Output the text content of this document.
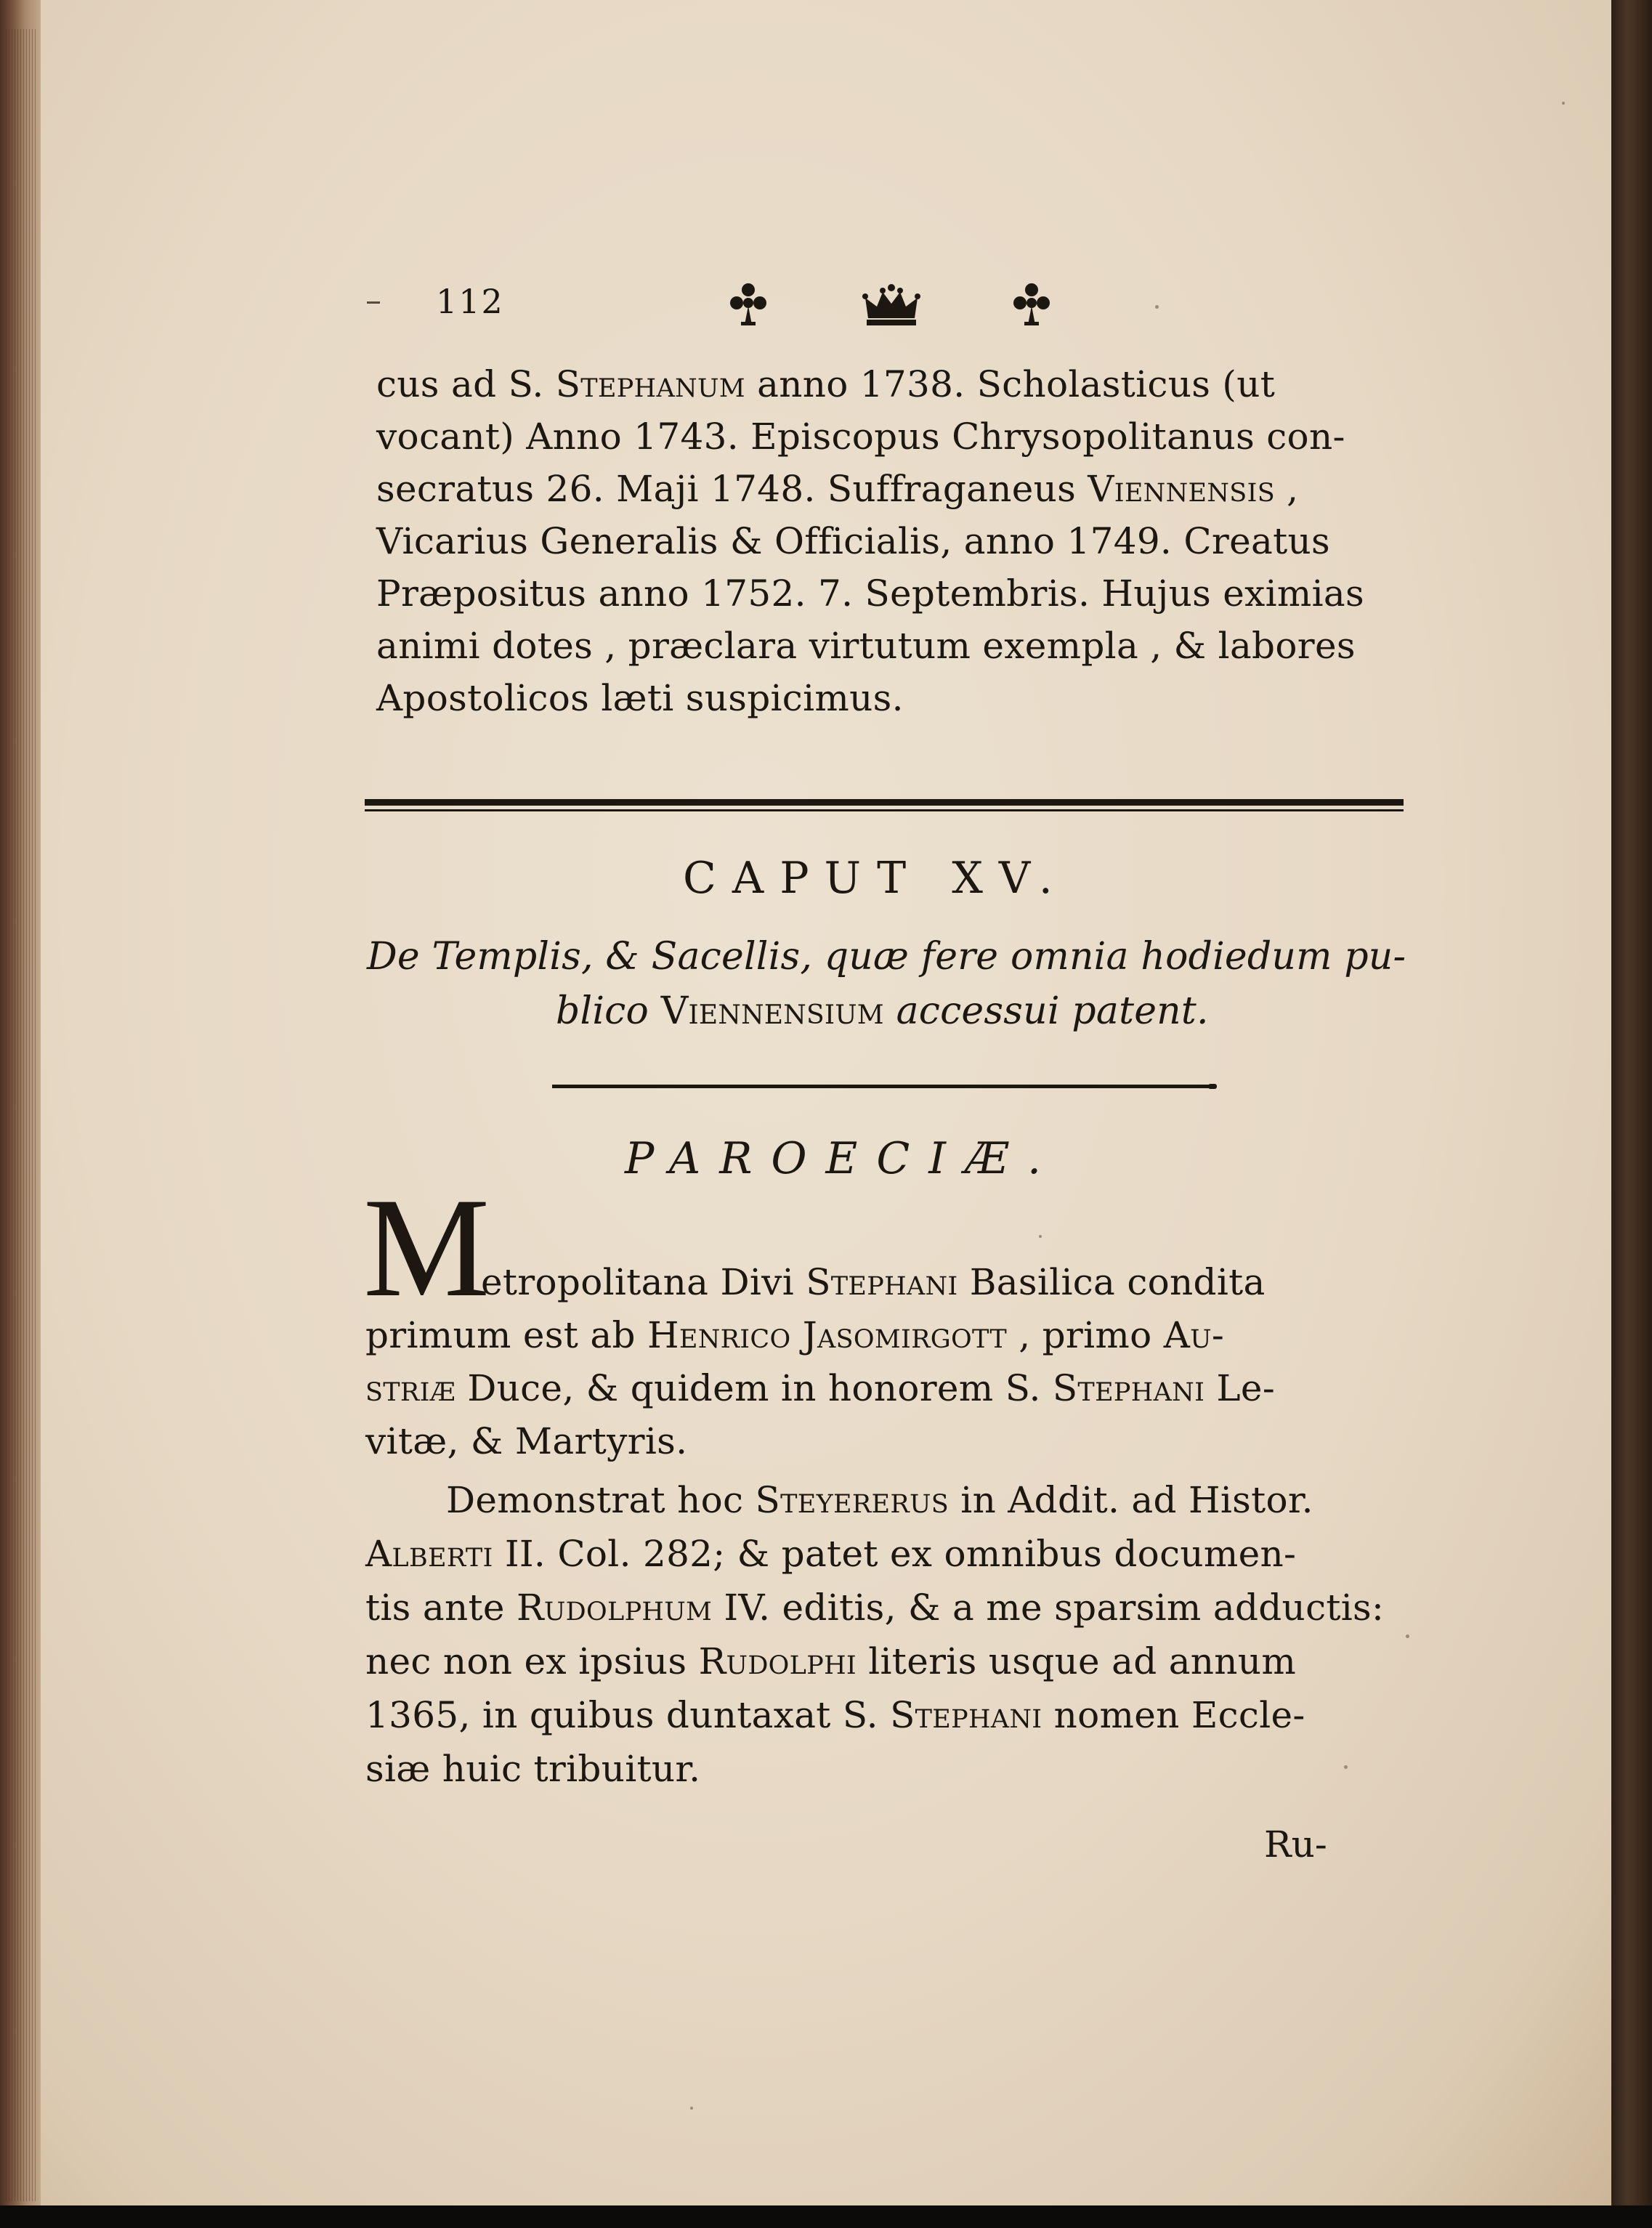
112
cus ad S. Stephanum anno 1738. Scholasticus (ut
vocant) Anno 1743. Episcopus Chrysopolitanus con-
secratus 26. Maji 1748. Suffraganeus Viennensis ,
Vicarius Generalis & Officialis, anno 1749. Creatus
Præpositus anno 1752. 7. Septembris. Hujus eximias
animi dotes , præclara virtutum exempla , & labores
Apostolicos læti suspicimus.
CAPUT XV.
De Templis, & Sacellis, quæ fere omnia hodiedum pu-
blico Viennensium accessui patent.
PAROECIÆ.
M
etropolitana Divi Stephani Basilica condita
primum est ab Henrico Jasomirgott , primo Au-
striæ Duce, & quidem in honorem S. Stephani Le-
vitæ, & Martyris.
Demonstrat hoc Steyererus in Addit. ad Histor.
Alberti II. Col. 282; & patet ex omnibus documen-
tis ante Rudolphum IV. editis, & a me sparsim adductis:
nec non ex ipsius Rudolphi literis usque ad annum
1365, in quibus duntaxat S. Stephani nomen Eccle-
siæ huic tribuitur.
Ru-
